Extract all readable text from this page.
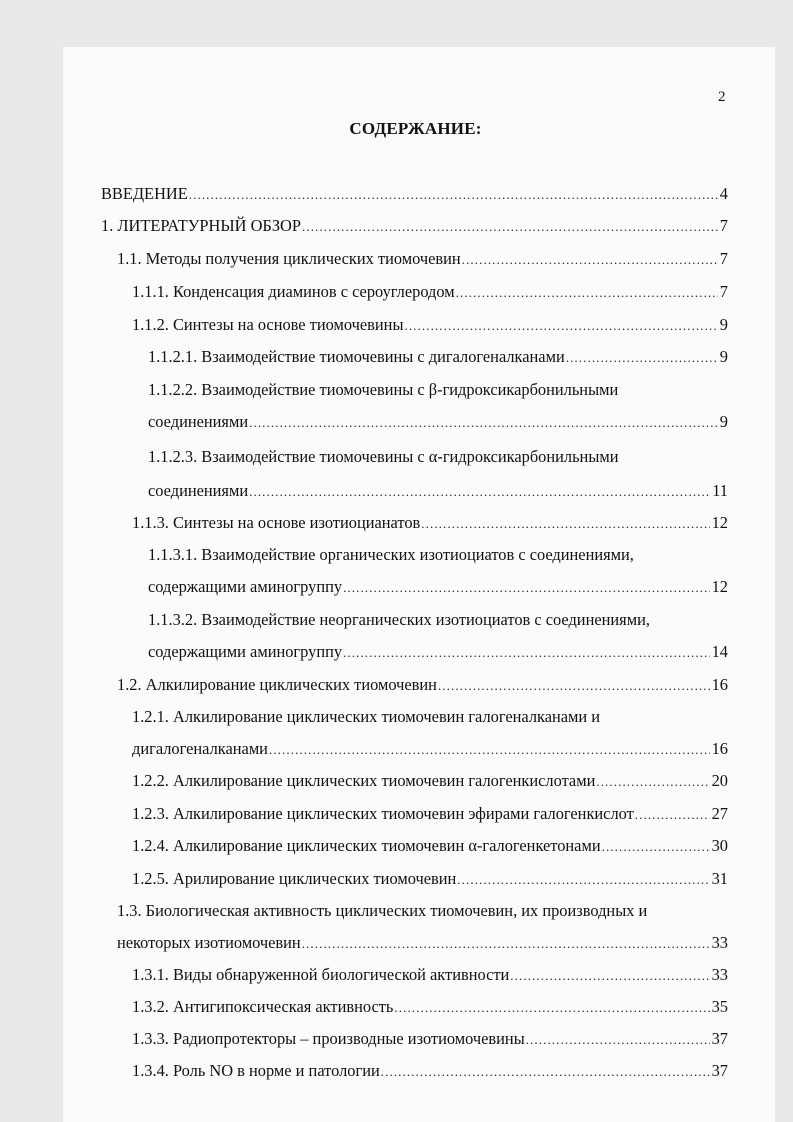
2
СОДЕРЖАНИЕ:
ВВЕДЕНИЕ .....	4
1. ЛИТЕРАТУРНЫЙ ОБЗОР .....	7
1.1. Методы получения циклических тиомочевин .....	7
1.1.1. Конденсация диаминов с сероуглеродом .....	7
1.1.2. Синтезы на основе тиомочевины .....	9
1.1.2.1. Взаимодействие тиомочевины с дигалогеналканами .....	9
1.1.2.2. Взаимодействие тиомочевины с β-гидроксикарбонильными
соединениями .....	9
1.1.2.3. Взаимодействие тиомочевины с α-гидроксикарбонильными
соединениями .....	11
1.1.3. Синтезы на основе изотиоцианатов .....	12
1.1.3.1. Взаимодействие органических изотиоциатов с соединениями,
содержащими аминогруппу .....	12
1.1.3.2. Взаимодействие неорганических изотиоциатов с соединениями,
содержащими аминогруппу .....	14
1.2. Алкилирование циклических тиомочевин .....	16
1.2.1. Алкилирование циклических тиомочевин галогеналканами и
дигалогеналканами .....	16
1.2.2. Алкилирование циклических тиомочевин галогенкислотами .....	20
1.2.3. Алкилирование циклических тиомочевин эфирами галогенкислот .....	27
1.2.4. Алкилирование циклических тиомочевин α-галогенкетонами .....	30
1.2.5. Арилирование циклических тиомочевин .....	31
1.3. Биологическая активность циклических тиомочевин, их производных и
некоторых изотиомочевин .....	33
1.3.1. Виды обнаруженной биологической активности .....	33
1.3.2. Антигипоксическая активность .....	35
1.3.3. Радиопротекторы – производные изотиомочевины .....	37
1.3.4. Роль NO в норме и патологии .....	37
